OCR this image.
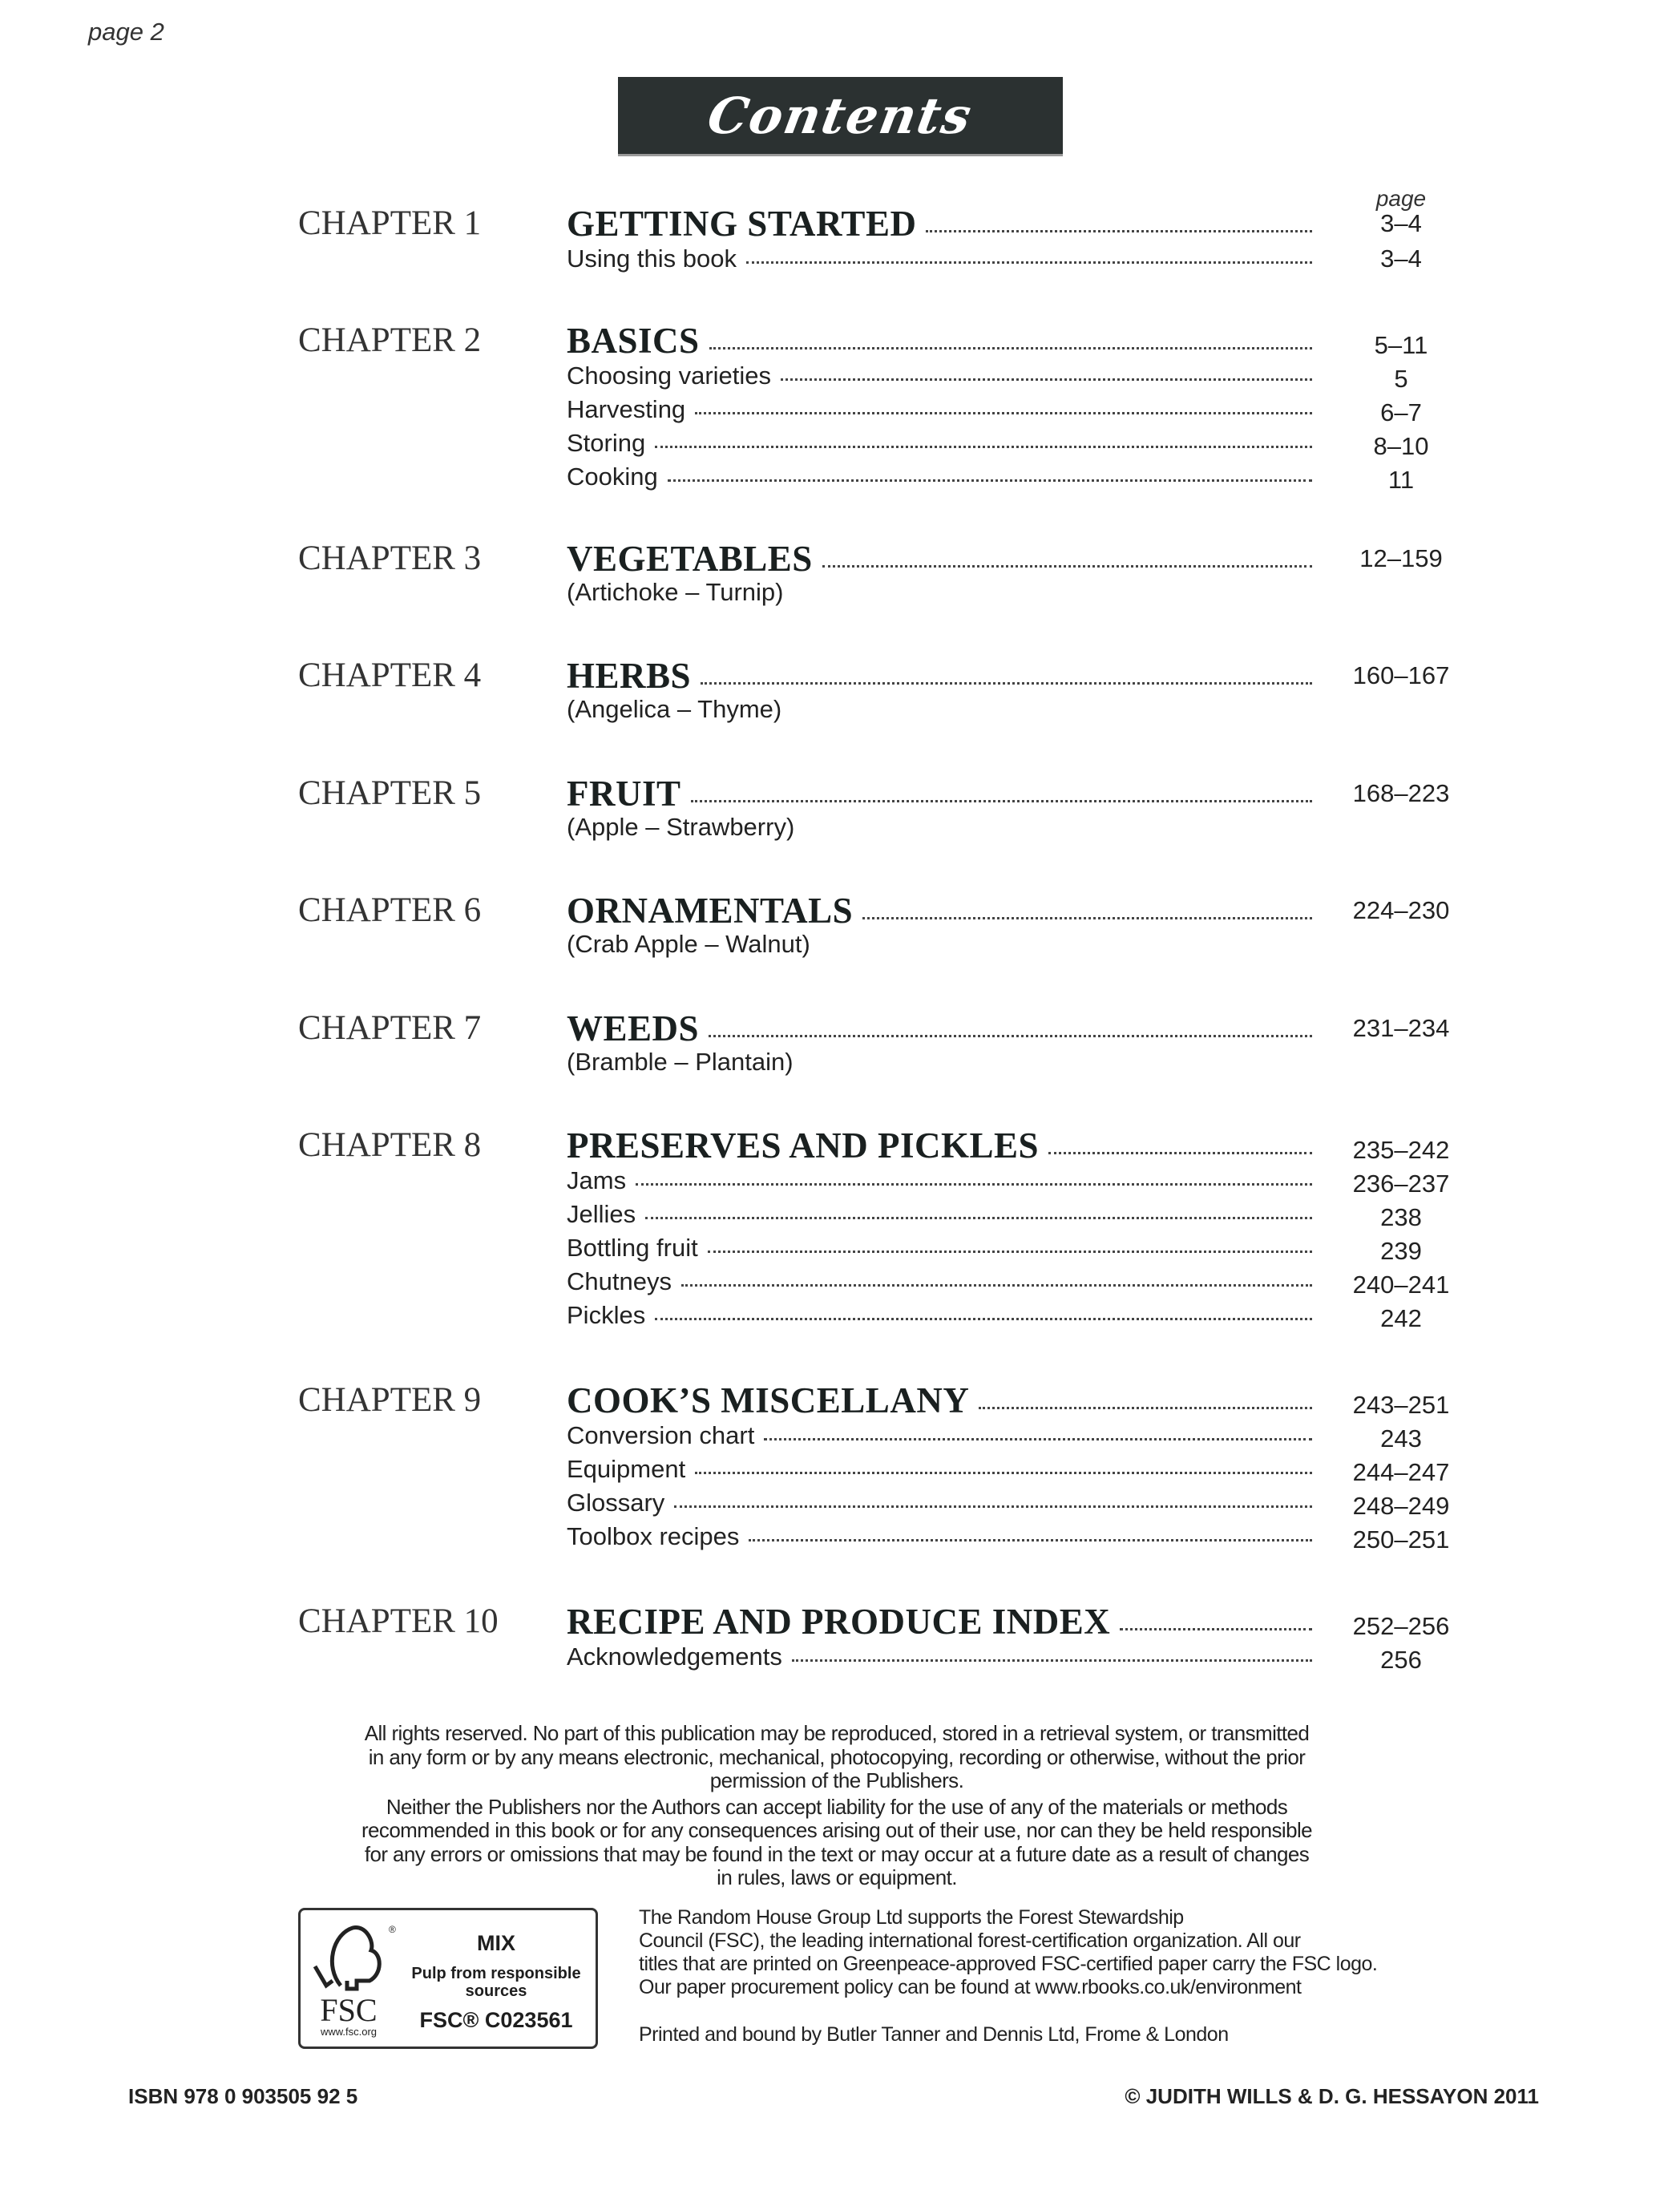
page 2
Contents
page
CHAPTER 1 GETTING STARTED	3–4
Using this book	3–4
CHAPTER 2 BASICS	5–11
Choosing varieties	5
Harvesting	6–7
Storing	8–10
Cooking	11
CHAPTER 3 VEGETABLES	12–159
(Artichoke – Turnip)
CHAPTER 4 HERBS	160–167
(Angelica – Thyme)
CHAPTER 5 FRUIT	168–223
(Apple – Strawberry)
CHAPTER 6 ORNAMENTALS	224–230
(Crab Apple – Walnut)
CHAPTER 7 WEEDS	231–234
(Bramble – Plantain)
CHAPTER 8 PRESERVES AND PICKLES	235–242
Jams	236–237
Jellies	238
Bottling fruit	239
Chutneys	240–241
Pickles	242
CHAPTER 9 COOK’S MISCELLANY	243–251
Conversion chart	243
Equipment	244–247
Glossary	248–249
Toolbox recipes	250–251
CHAPTER 10 RECIPE AND PRODUCE INDEX	252–256
Acknowledgements	256

All rights reserved. No part of this publication may be reproduced, stored in a retrieval system, or transmitted in any form or by any means electronic, mechanical, photocopying, recording or otherwise, without the prior permission of the Publishers.

Neither the Publishers nor the Authors can accept liability for the use of any of the materials or methods recommended in this book or for any consequences arising out of their use, nor can they be held responsible for any errors or omissions that may be found in the text or may occur at a future date as a result of changes in rules, laws or equipment.

®
FSC
www.fsc.org
MIX
Pulp from responsible sources
FSC® C023561
The Random House Group Ltd supports the Forest Stewardship
Council (FSC), the leading international forest-certification organization. All our
titles that are printed on Greenpeace-approved FSC-certified paper carry the FSC logo.
Our paper procurement policy can be found at www.rbooks.co.uk/environment
Printed and bound by Butler Tanner and Dennis Ltd, Frome & London
ISBN 978 0 903505 92 5	© JUDITH WILLS & D. G. HESSAYON 2011
